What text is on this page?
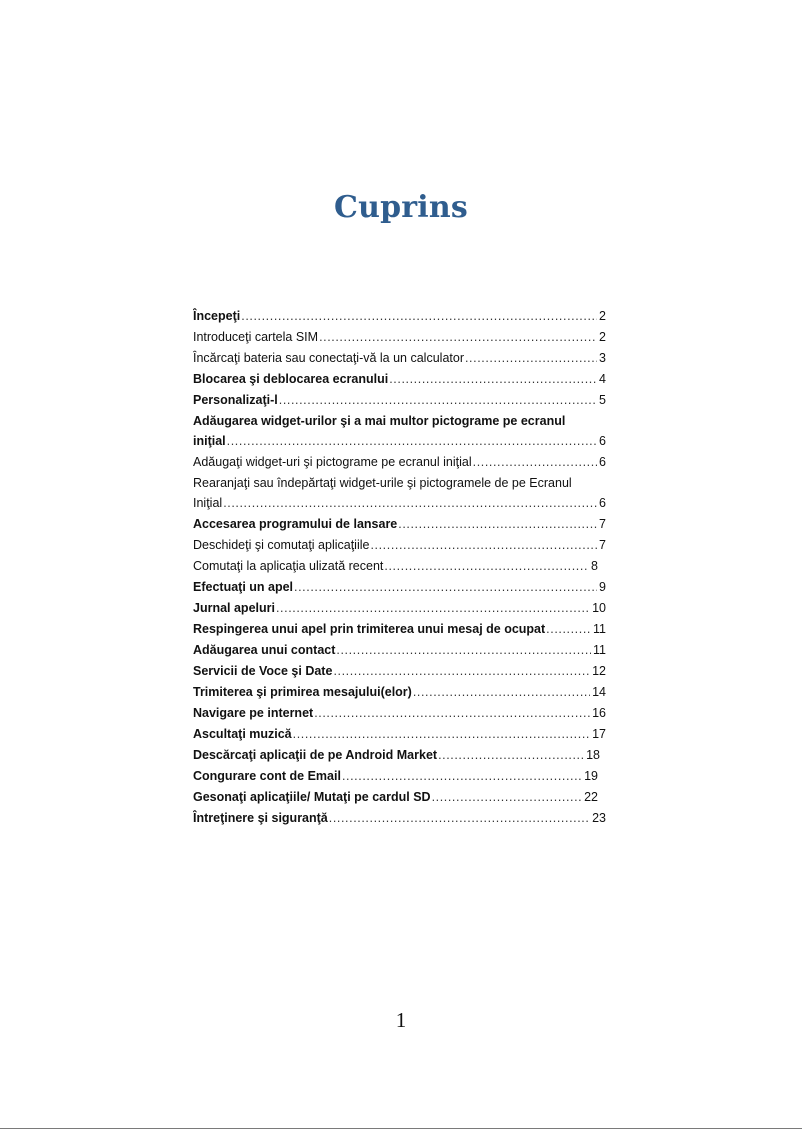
Cuprins
Începeţi .....	2
Introduceţi cartela SIM .....	2
Încărcaţi bateria sau conectaţi-vă la un calculator .....	3
Blocarea şi deblocarea ecranului .....	4
Personalizaţi-l .....	5
Adăugarea widget-urilor şi a mai multor pictograme pe ecranul
iniţial .....	6
Adăugaţi widget-uri şi pictograme pe ecranul iniţial .....	6
Rearanjaţi sau îndepărtaţi widget-urile şi pictogramele de pe Ecranul
Iniţial .....	6
Accesarea programului de lansare .....	7
Deschideţi şi comutaţi aplicaţiile .....	7
Comutaţi la aplicaţia ulizată recent .....	8
Efectuaţi un apel .....	9
Jurnal apeluri .....	10
Respingerea unui apel prin trimiterea unui mesaj de ocupat .....	11
Adăugarea unui contact .....	11
Servicii de Voce şi Date .....	12
Trimiterea şi primirea mesajului(elor) .....	14
Navigare pe internet .....	16
Ascultaţi muzică .....	17
Descărcaţi aplicaţii de pe Android Market .....	18
Congurare cont de Email .....	19
Gesonaţi aplicaţiile/ Mutaţi pe cardul SD .....	22
Întreţinere şi siguranţă .....	23
1
